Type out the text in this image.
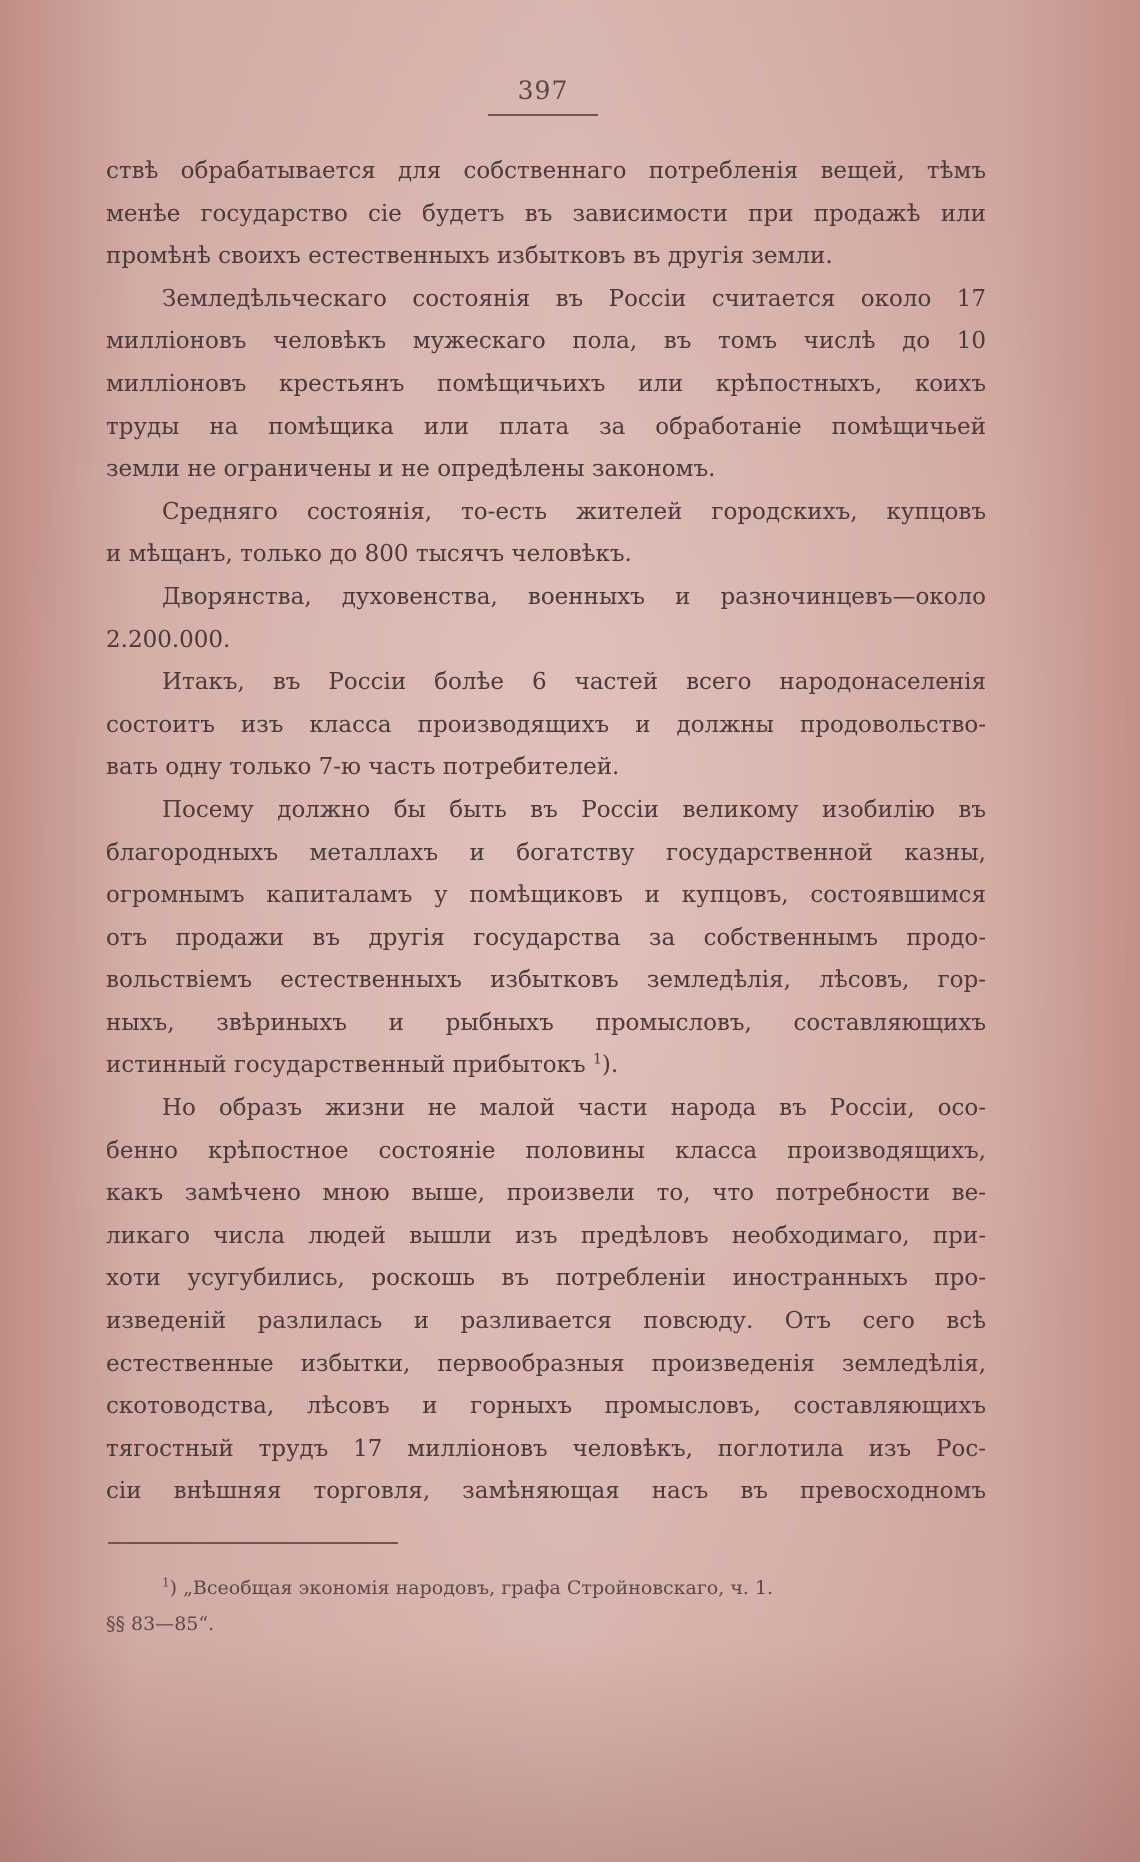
397
ствѣ обрабатывается для собственнаго потребленія вещей, тѣмъ
менѣе государство сіе будетъ въ зависимости при продажѣ или
промѣнѣ своихъ естественныхъ избытковъ въ другія земли.
Земледѣльческаго состоянія въ Россіи считается около 17
милліоновъ человѣкъ мужескаго пола, въ томъ числѣ до 10
милліоновъ крестьянъ помѣщичьихъ или крѣпостныхъ, коихъ
труды на помѣщика или плата за обработаніе помѣщичьей
земли не ограничены и не опредѣлены закономъ.
Средняго состоянія, то-есть жителей городскихъ, купцовъ
и мѣщанъ, только до 800 тысячъ человѣкъ.
Дворянства, духовенства, военныхъ и разночинцевъ—около
2.200.000.
Итакъ, въ Россіи болѣе 6 частей всего народонаселенія
состоитъ изъ класса производящихъ и должны продовольство-
вать одну только 7-ю часть потребителей.
Посему должно бы быть въ Россіи великому изобилію въ
благородныхъ металлахъ и богатству государственной казны,
огромнымъ капиталамъ у помѣщиковъ и купцовъ, состоявшимся
отъ продажи въ другія государства за собственнымъ продо-
вольствіемъ естественныхъ избытковъ земледѣлія, лѣсовъ, гор-
ныхъ, звѣриныхъ и рыбныхъ промысловъ, составляющихъ
истинный государственный прибытокъ $^1$).
Но образъ жизни не малой части народа въ Россіи, осо-
бенно крѣпостное состояніе половины класса производящихъ,
какъ замѣчено мною выше, произвели то, что потребности ве-
ликаго числа людей вышли изъ предѣловъ необходимаго, при-
хоти усугубились, роскошь въ потребленіи иностранныхъ про-
изведеній разлилась и разливается повсюду. Отъ сего всѣ
естественные избытки, первообразныя произведенія земледѣлія,
скотоводства, лѣсовъ и горныхъ промысловъ, составляющихъ
тягостный трудъ 17 милліоновъ человѣкъ, поглотила изъ Рос-
сіи внѣшняя торговля, замѣняющая насъ въ превосходномъ
$^1$) „Всеобщая экономія народовъ, графа Стройновскаго, ч. 1.
§§ 83—85“.
